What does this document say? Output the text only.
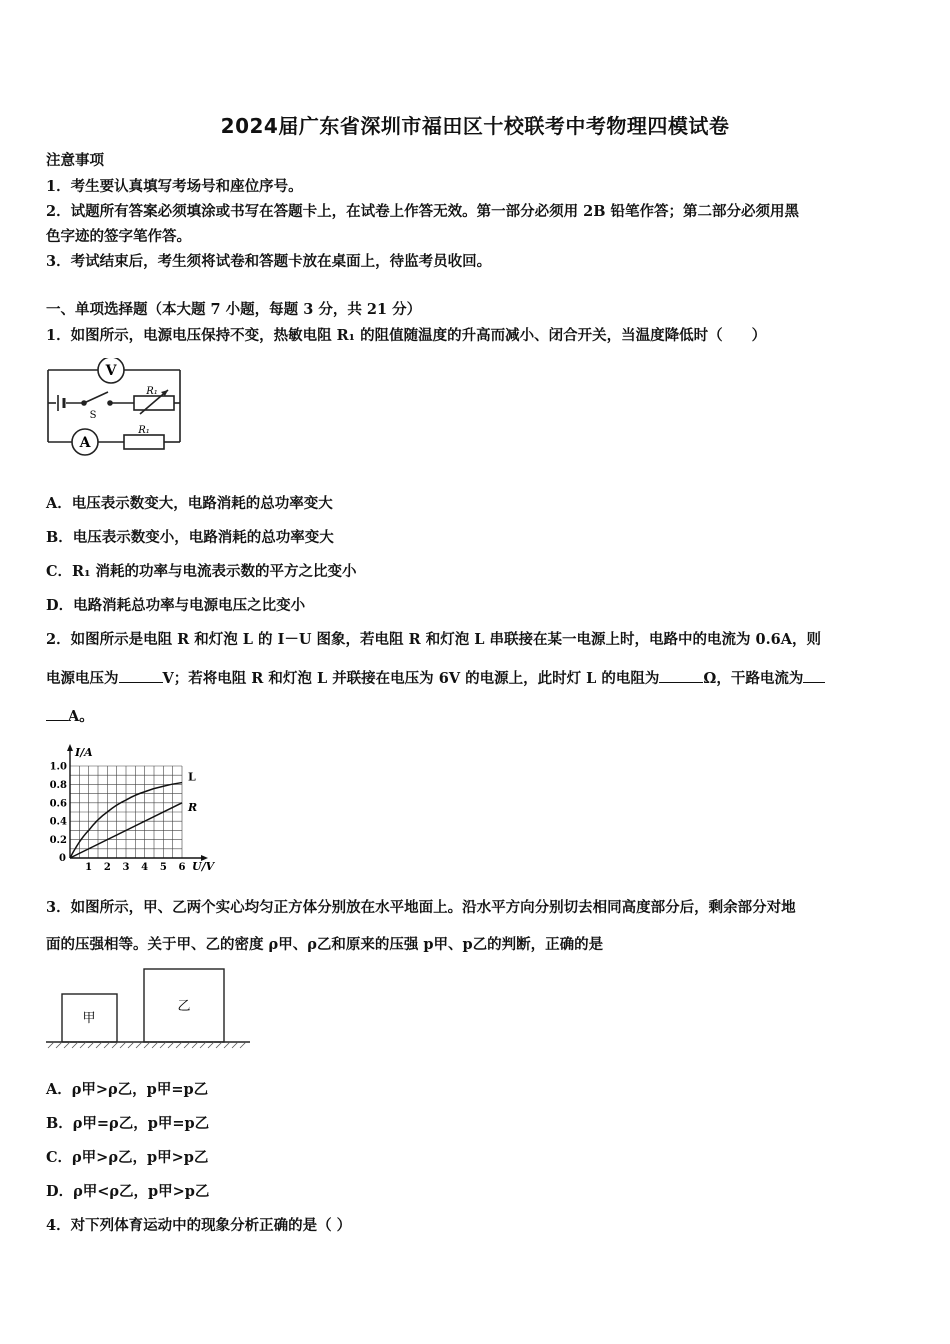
2024届广东省深圳市福田区十校联考中考物理四模试卷
注意事项
1．考生要认真填写考场号和座位序号。
2．试题所有答案必须填涂或书写在答题卡上，在试卷上作答无效。第一部分必须用 2B 铅笔作答；第二部分必须用黑
色字迹的签字笔作答。
3．考试结束后，考生须将试卷和答题卡放在桌面上，待监考员收回。
一、单项选择题（本大题 7 小题，每题 3 分，共 21 分）
1．如图所示，电源电压保持不变，热敏电阻 R₁ 的阻值随温度的升高而减小、闭合开关，当温度降低时（　　）
V
A
S
R₁
R₁
A．电压表示数变大，电路消耗的总功率变大
B．电压表示数变小，电路消耗的总功率变大
C．R₁ 消耗的功率与电流表示数的平方之比变小
D．电路消耗总功率与电源电压之比变小
2．如图所示是电阻 R 和灯泡 L 的 I－U 图象，若电阻 R 和灯泡 L 串联接在某一电源上时，电路中的电流为 0.6A，则
电源电压为	V；若将电阻 R 和灯泡 L 并联接在电压为 6V 的电源上，此时灯 L 的电阻为	Ω，干路电流为
A。
1 2 3 4 5 6
0.2
0.4
0.6
0.8
1.0
0
I/A
U/V
L
R
3．如图所示，甲、乙两个实心均匀正方体分别放在水平地面上。沿水平方向分别切去相同高度部分后，剩余部分对地
面的压强相等。关于甲、乙的密度 ρ甲、ρ乙和原来的压强 p甲、p乙的判断，正确的是
甲
乙
A．ρ甲>ρ乙，p甲=p乙
B．ρ甲=ρ乙，p甲=p乙
C．ρ甲>ρ乙，p甲>p乙
D．ρ甲<ρ乙，p甲>p乙
4．对下列体育运动中的现象分析正确的是（ ）
